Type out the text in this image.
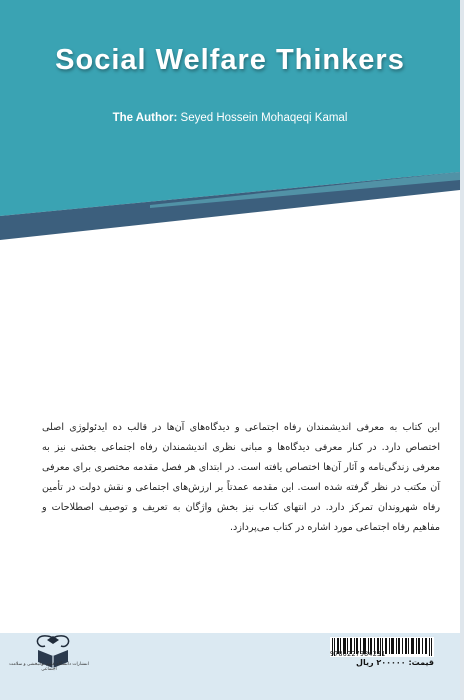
Social Welfare Thinkers
The Author: Seyed Hossein Mohaqeqi Kamal

این کتاب به معرفی اندیشمندان رفاه اجتماعی و دیدگاه‌های آن‌ها در قالب ده ایدئولوژی اصلی اختصاص دارد. در کنار معرفی دیدگاه‌ها و مبانی نظری اندیشمندان رفاه اجتماعی بخشی نیز به معرفی زندگی‌نامه و آثار آن‌ها اختصاص یافته است. در ابتدای هر فصل مقدمه مختصری برای معرفی آن مکتب در نظر گرفته شده است. این مقدمه عمدتاً بر ارزش‌های اجتماعی و نقش دولت در تأمین رفاه شهروندان تمرکز دارد. در انتهای کتاب نیز بخش واژگان به تعریف و توصیف اصطلاحات و مفاهیم رفاه اجتماعی مورد اشاره در کتاب می‌پردازد.

انتشارات دانشگاه علوم توانبخشی و سلامت اجتماعی
9786227984231
قیمت: ۲۰۰۰۰۰ ریال
